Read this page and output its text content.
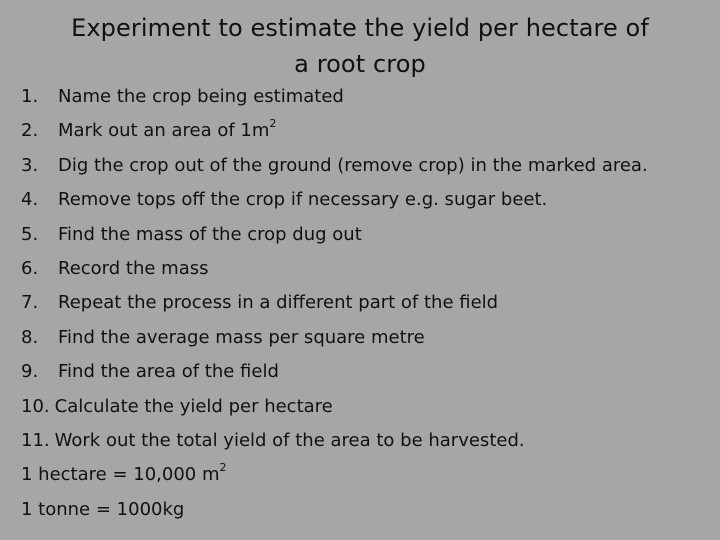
Experiment to estimate the yield per hectare of
a root crop
1. Name the crop being estimated
2. Mark out an area of $1m^2$
3. Dig the crop out of the ground (remove crop) in the marked area.
4. Remove tops off the crop if necessary e.g. sugar beet.
5. Find the mass of the crop dug out
6. Record the mass
7. Repeat the process in a different part of the field
8. Find the average mass per square metre
9. Find the area of the field
10. Calculate the yield per hectare
11. Work out the total yield of the area to be harvested.
1 hectare = 10,000 $m^2$
1 tonne = 1000kg
